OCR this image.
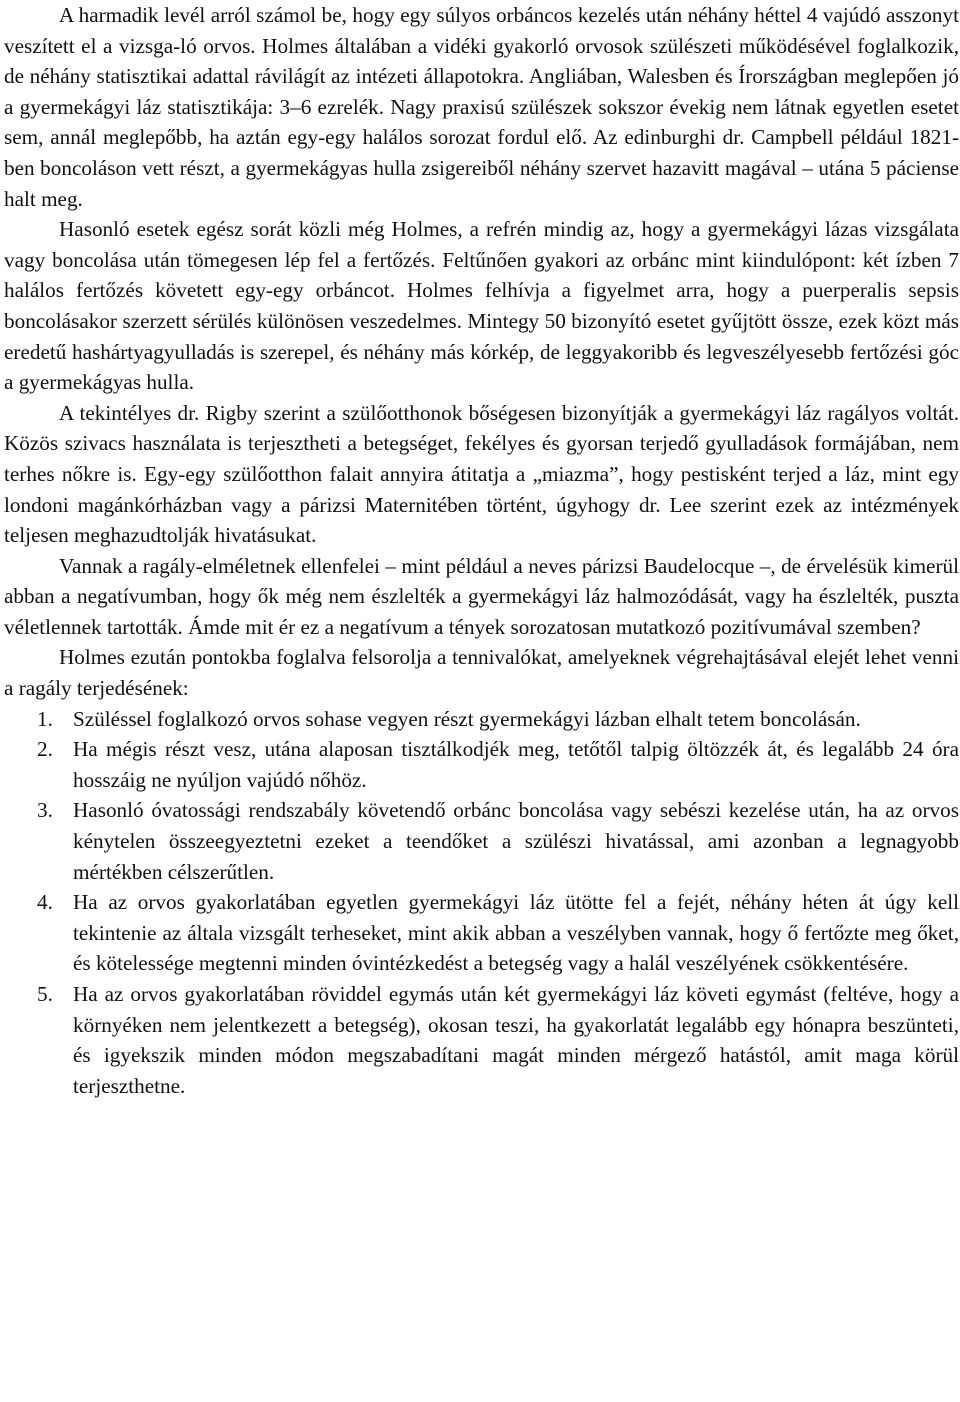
A harmadik levél arról számol be, hogy egy súlyos orbáncos kezelés után néhány héttel 4 vajúdó asszonyt veszített el a vizsga-ló orvos. Holmes általában a vidéki gyakorló orvosok szülészeti működésével foglalkozik, de néhány statisztikai adattal rávilágít az intézeti állapotokra. Angliában, Walesben és Írországban meglepően jó a gyermekágyi láz statisztikája: 3–6 ezrelék. Nagy praxisú szülészek sokszor évekig nem látnak egyetlen esetet sem, annál meglepőbb, ha aztán egy-egy halálos sorozat fordul elő. Az edinburghi dr. Campbell például 1821-ben boncoláson vett részt, a gyermekágyas hulla zsigereiből néhány szervet hazavitt magával – utána 5 páciense halt meg.

Hasonló esetek egész sorát közli még Holmes, a refrén mindig az, hogy a gyermekágyi lázas vizsgálata vagy boncolása után tömegesen lép fel a fertőzés. Feltűnően gyakori az orbánc mint kiindulópont: két ízben 7 halálos fertőzés követett egy-egy orbáncot. Holmes felhívja a figyelmet arra, hogy a puerperalis sepsis boncolásakor szerzett sérülés különösen veszedelmes. Mintegy 50 bizonyító esetet gyűjtött össze, ezek közt más eredetű hashártyagyulladás is szerepel, és néhány más kórkép, de leggyakoribb és legveszélyesebb fertőzési góc a gyermekágyas hulla.

A tekintélyes dr. Rigby szerint a szülőotthonok bőségesen bizonyítják a gyermekágyi láz ragályos voltát. Közös szivacs használata is terjesztheti a betegséget, fekélyes és gyorsan terjedő gyulladások formájában, nem terhes nőkre is. Egy-egy szülőotthon falait annyira átitatja a „miazma”, hogy pestisként terjed a láz, mint egy londoni magánkórházban vagy a párizsi Maternitében történt, úgyhogy dr. Lee szerint ezek az intézmények teljesen meghazudtolják hivatásukat.

Vannak a ragály-elméletnek ellenfelei – mint például a neves párizsi Baudelocque –, de érvelésük kimerül abban a negatívumban, hogy ők még nem észlelték a gyermekágyi láz halmozódását, vagy ha észlelték, puszta véletlennek tartották. Ámde mit ér ez a negatívum a tények sorozatosan mutatkozó pozitívumával szemben?

Holmes ezután pontokba foglalva felsorolja a tennivalókat, amelyeknek végrehajtásával elejét lehet venni a ragály terjedésének:

1. Szüléssel foglalkozó orvos sohase vegyen részt gyermekágyi lázban elhalt tetem boncolásán.
2. Ha mégis részt vesz, utána alaposan tisztálkodjék meg, tetőtől talpig öltözzék át, és legalább 24 óra hosszáig ne nyúljon vajúdó nőhöz.
3. Hasonló óvatossági rendszabály követendő orbánc boncolása vagy sebészi kezelése után, ha az orvos kénytelen összeegyeztetni ezeket a teendőket a szülészi hivatással, ami azonban a legnagyobb mértékben célszerűtlen.
4. Ha az orvos gyakorlatában egyetlen gyermekágyi láz ütötte fel a fejét, néhány héten át úgy kell tekintenie az általa vizsgált terheseket, mint akik abban a veszélyben vannak, hogy ő fertőzte meg őket, és kötelessége megtenni minden óvintézkedést a betegség vagy a halál veszélyének csökkentésére.
5. Ha az orvos gyakorlatában röviddel egymás után két gyermekágyi láz követi egymást (feltéve, hogy a környéken nem jelentkezett a betegség), okosan teszi, ha gyakorlatát legalább egy hónapra beszünteti, és igyekszik minden módon megszabadítani magát minden mérgező hatástól, amit maga körül terjeszthetne.
